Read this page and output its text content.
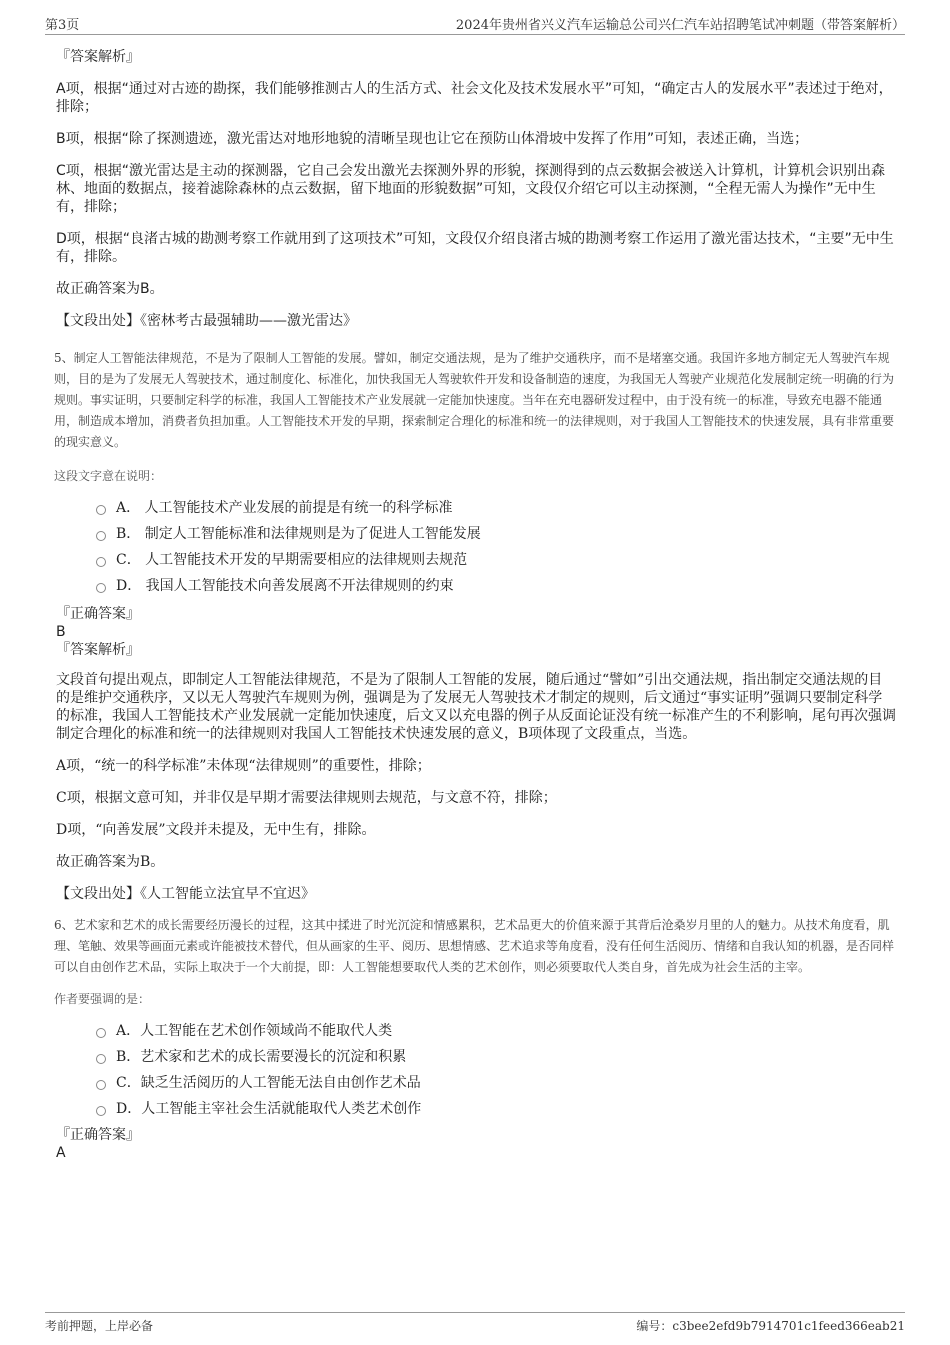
第3页	2024年贵州省兴义汽车运输总公司兴仁汽车站招聘笔试冲刺题（带答案解析）

『答案解析』

A项，根据“通过对古迹的勘探，我们能够推测古人的生活方式、社会文化及技术发展水平”可知，“确定古人的发展水平”表述过于绝对，排除；

B项，根据“除了探测遗迹，激光雷达对地形地貌的清晰呈现也让它在预防山体滑坡中发挥了作用”可知，表述正确，当选；

C项，根据“激光雷达是主动的探测器，它自己会发出激光去探测外界的形貌，探测得到的点云数据会被送入计算机，计算机会识别出森林、地面的数据点，接着滤除森林的点云数据，留下地面的形貌数据”可知，文段仅介绍它可以主动探测，“全程无需人为操作”无中生有，排除；

D项，根据“良渚古城的勘测考察工作就用到了这项技术”可知，文段仅介绍良渚古城的勘测考察工作运用了激光雷达技术，“主要”无中生有，排除。

故正确答案为B。

【文段出处】《密林考古最强辅助——激光雷达》

5、制定人工智能法律规范，不是为了限制人工智能的发展。譬如，制定交通法规，是为了维护交通秩序，而不是堵塞交通。我国许多地方制定无人驾驶汽车规则，目的是为了发展无人驾驶技术，通过制度化、标准化，加快我国无人驾驶软件开发和设备制造的速度，为我国无人驾驶产业规范化发展制定统一明确的行为规则。事实证明，只要制定科学的标准，我国人工智能技术产业发展就一定能加快速度。当年在充电器研发过程中，由于没有统一的标准，导致充电器不能通用，制造成本增加，消费者负担加重。人工智能技术开发的早期，探索制定合理化的标准和统一的法律规则，对于我国人工智能技术的快速发展，具有非常重要的现实意义。

这段文字意在说明：

A． 人工智能技术产业发展的前提是有统一的科学标准
B． 制定人工智能标准和法律规则是为了促进人工智能发展
C． 人工智能技术开发的早期需要相应的法律规则去规范
D． 我国人工智能技术向善发展离不开法律规则的约束

『正确答案』

B

『答案解析』

文段首句提出观点，即制定人工智能法律规范，不是为了限制人工智能的发展，随后通过“譬如”引出交通法规，指出制定交通法规的目的是维护交通秩序，又以无人驾驶汽车规则为例，强调是为了发展无人驾驶技术才制定的规则，后文通过“事实证明”强调只要制定科学的标准，我国人工智能技术产业发展就一定能加快速度，后文又以充电器的例子从反面论证没有统一标准产生的不利影响，尾句再次强调制定合理化的标准和统一的法律规则对我国人工智能技术快速发展的意义，B项体现了文段重点，当选。

A项，“统一的科学标准”未体现“法律规则”的重要性，排除；

C项，根据文意可知，并非仅是早期才需要法律规则去规范，与文意不符，排除；

D项，“向善发展”文段并未提及，无中生有，排除。

故正确答案为B。

【文段出处】《人工智能立法宜早不宜迟》

6、艺术家和艺术的成长需要经历漫长的过程，这其中揉进了时光沉淀和情感累积，艺术品更大的价值来源于其背后沧桑岁月里的人的魅力。从技术角度看，肌理、笔触、效果等画面元素或许能被技术替代，但从画家的生平、阅历、思想情感、艺术追求等角度看，没有任何生活阅历、情绪和自我认知的机器，是否同样可以自由创作艺术品，实际上取决于一个大前提，即：人工智能想要取代人类的艺术创作，则必须要取代人类自身，首先成为社会生活的主宰。

作者要强调的是：

A．人工智能在艺术创作领域尚不能取代人类
B．艺术家和艺术的成长需要漫长的沉淀和积累
C．缺乏生活阅历的人工智能无法自由创作艺术品
D．人工智能主宰社会生活就能取代人类艺术创作

『正确答案』

A

考前押题，上岸必备	编号：c3bee2efd9b7914701c1feed366eab21
